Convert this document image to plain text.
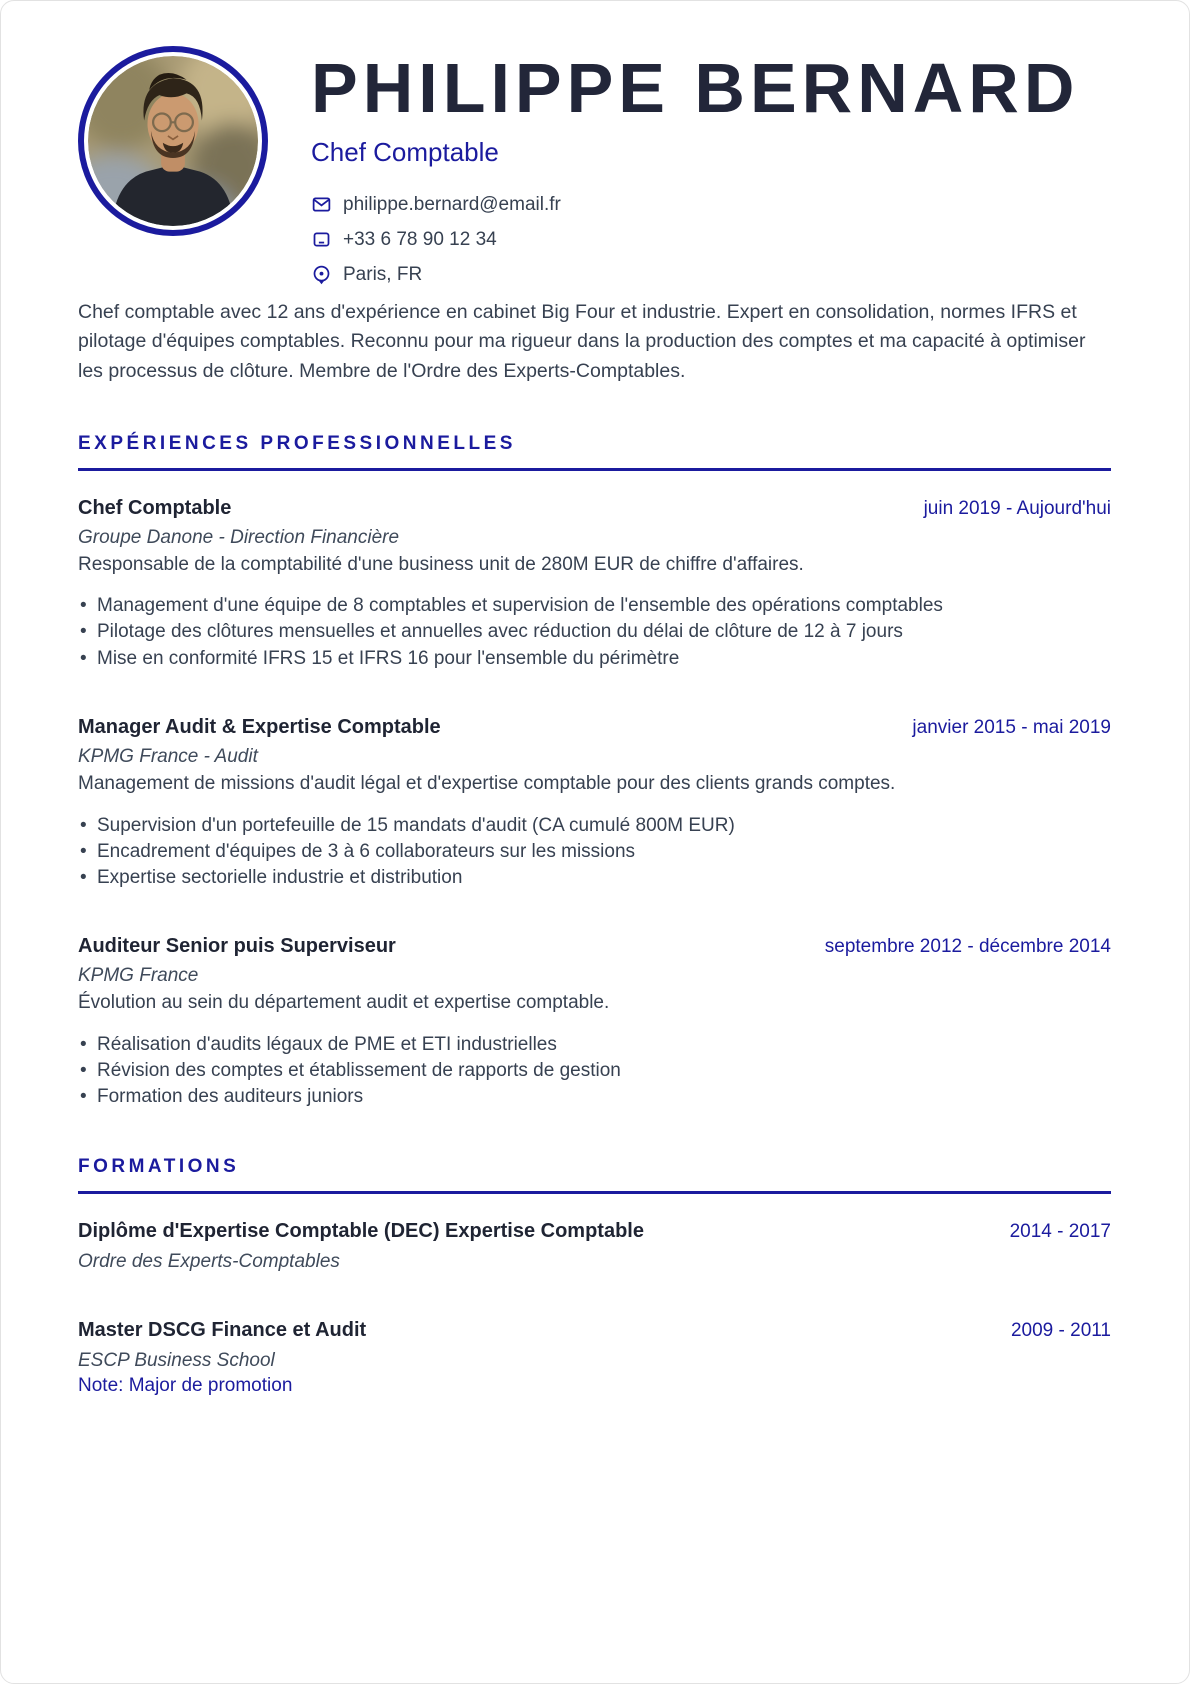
PHILIPPE BERNARD
Chef Comptable
philippe.bernard@email.fr
+33 6 78 90 12 34
Paris, FR

Chef comptable avec 12 ans d'expérience en cabinet Big Four et industrie. Expert en consolidation, normes IFRS et pilotage d'équipes comptables. Reconnu pour ma rigueur dans la production des comptes et ma capacité à optimiser les processus de clôture. Membre de l'Ordre des Experts-Comptables.

EXPÉRIENCES PROFESSIONNELLES
Chef Comptable	juin 2019 - Aujourd'hui
Groupe Danone - Direction Financière

Responsable de la comptabilité d'une business unit de 280M EUR de chiffre d'affaires.

• Management d'une équipe de 8 comptables et supervision de l'ensemble des opérations comptables
• Pilotage des clôtures mensuelles et annuelles avec réduction du délai de clôture de 12 à 7 jours
• Mise en conformité IFRS 15 et IFRS 16 pour l'ensemble du périmètre
Manager Audit & Expertise Comptable	janvier 2015 - mai 2019
KPMG France - Audit

Management de missions d'audit légal et d'expertise comptable pour des clients grands comptes.

• Supervision d'un portefeuille de 15 mandats d'audit (CA cumulé 800M EUR)
• Encadrement d'équipes de 3 à 6 collaborateurs sur les missions
• Expertise sectorielle industrie et distribution
Auditeur Senior puis Superviseur	septembre 2012 - décembre 2014
KPMG France

Évolution au sein du département audit et expertise comptable.

• Réalisation d'audits légaux de PME et ETI industrielles
• Révision des comptes et établissement de rapports de gestion
• Formation des auditeurs juniors
FORMATIONS
Diplôme d'Expertise Comptable (DEC) Expertise Comptable	2014 - 2017
Ordre des Experts-Comptables
Master DSCG Finance et Audit	2009 - 2011
ESCP Business School
Note: Major de promotion
